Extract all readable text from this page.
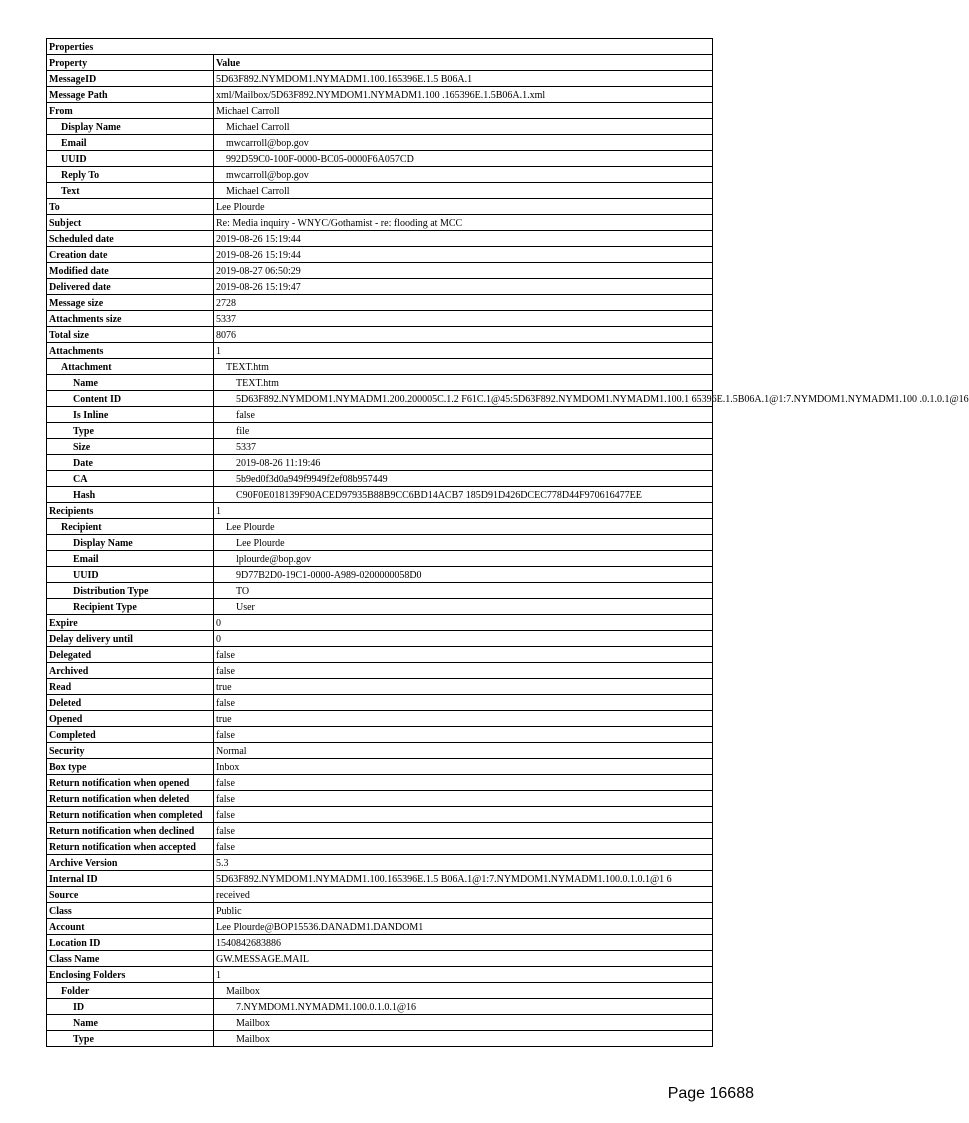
Properties	
Property	Value
MessageID	5D63F892.NYMDOM1.NYMADM1.100.165396E.1.5 B06A.1
Message Path	xml/Mailbox/5D63F892.NYMDOM1.NYMADM1.100 .165396E.1.5B06A.1.xml
From	Michael Carroll
Display Name	Michael Carroll
Email	mwcarroll@bop.gov
UUID	992D59C0-100F-0000-BC05-0000F6A057CD
Reply To	mwcarroll@bop.gov
Text	Michael Carroll
To	Lee Plourde
Subject	Re: Media inquiry - WNYC/Gothamist - re: flooding at MCC
Scheduled date	2019-08-26 15:19:44
Creation date	2019-08-26 15:19:44
Modified date	2019-08-27 06:50:29
Delivered date	2019-08-26 15:19:47
Message size	2728
Attachments size	5337
Total size	8076
Attachments	1
Attachment	TEXT.htm
Name	TEXT.htm
Content ID	5D63F892.NYMDOM1.NYMADM1.200.200005C.1.2 F61C.1@45:5D63F892.NYMDOM1.NYMADM1.100.1 65396E.1.5B06A.1@1:7.NYMDOM1.NYMADM1.100 .0.1.0.1@16
Is Inline	false
Type	file
Size	5337
Date	2019-08-26 11:19:46
CA	5b9ed0f3d0a949f9949f2ef08b957449
Hash	C90F0E018139F90ACED97935B88B9CC6BD14ACB7 185D91D426DCEC778D44F970616477EE
Recipients	1
Recipient	Lee Plourde
Display Name	Lee Plourde
Email	lplourde@bop.gov
UUID	9D77B2D0-19C1-0000-A989-0200000058D0
Distribution Type	TO
Recipient Type	User
Expire	0
Delay delivery until	0
Delegated	false
Archived	false
Read	true
Deleted	false
Opened	true
Completed	false
Security	Normal
Box type	Inbox
Return notification when opened	false
Return notification when deleted	false
Return notification when completed	false
Return notification when declined	false
Return notification when accepted	false
Archive Version	5.3
Internal ID	5D63F892.NYMDOM1.NYMADM1.100.165396E.1.5 B06A.1@1:7.NYMDOM1.NYMADM1.100.0.1.0.1@1 6
Source	received
Class	Public
Account	Lee Plourde@BOP15536.DANADM1.DANDOM1
Location ID	1540842683886
Class Name	GW.MESSAGE.MAIL
Enclosing Folders	1
Folder	Mailbox
ID	7.NYMDOM1.NYMADM1.100.0.1.0.1@16
Name	Mailbox
Type	Mailbox
Page 16688
